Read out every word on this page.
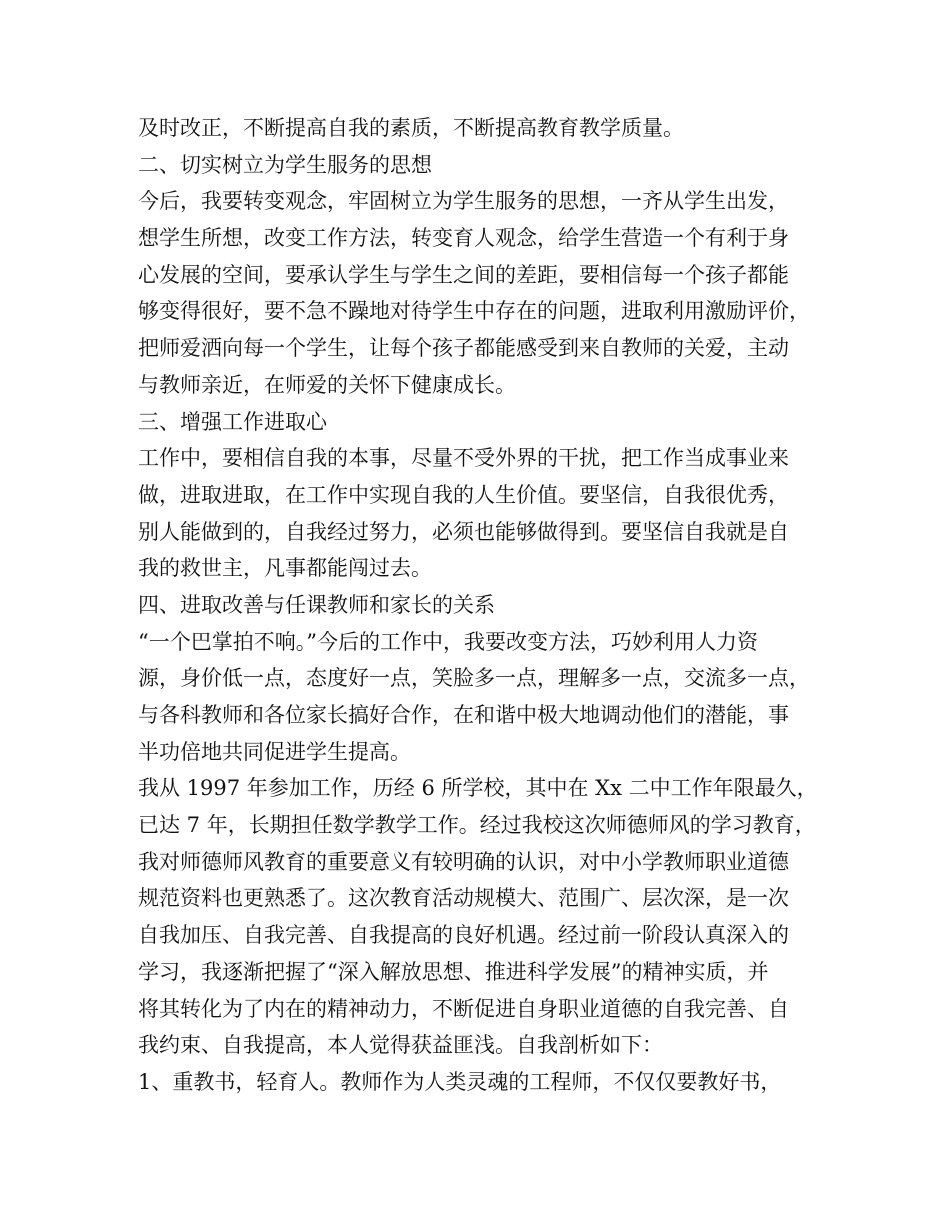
及时改正，不断提高自我的素质，不断提高教育教学质量。
二、切实树立为学生服务的思想
今后，我要转变观念，牢固树立为学生服务的思想，一齐从学生出发，
想学生所想，改变工作方法，转变育人观念，给学生营造一个有利于身
心发展的空间，要承认学生与学生之间的差距，要相信每一个孩子都能
够变得很好，要不急不躁地对待学生中存在的问题，进取利用激励评价，
把师爱洒向每一个学生，让每个孩子都能感受到来自教师的关爱，主动
与教师亲近，在师爱的关怀下健康成长。
三、增强工作进取心
工作中，要相信自我的本事，尽量不受外界的干扰，把工作当成事业来
做，进取进取，在工作中实现自我的人生价值。要坚信，自我很优秀，
别人能做到的，自我经过努力，必须也能够做得到。要坚信自我就是自
我的救世主，凡事都能闯过去。
四、进取改善与任课教师和家长的关系
“一个巴掌拍不响。”今后的工作中，我要改变方法，巧妙利用人力资
源，身价低一点，态度好一点，笑脸多一点，理解多一点，交流多一点，
与各科教师和各位家长搞好合作，在和谐中极大地调动他们的潜能，事
半功倍地共同促进学生提高。
我从 1997 年参加工作，历经 6 所学校，其中在 Xx 二中工作年限最久，
已达 7 年，长期担任数学教学工作。经过我校这次师德师风的学习教育，
我对师德师风教育的重要意义有较明确的认识，对中小学教师职业道德
规范资料也更熟悉了。这次教育活动规模大、范围广、层次深，是一次
自我加压、自我完善、自我提高的良好机遇。经过前一阶段认真深入的
学习，我逐渐把握了“深入解放思想、推进科学发展”的精神实质，并
将其转化为了内在的精神动力，不断促进自身职业道德的自我完善、自
我约束、自我提高，本人觉得获益匪浅。自我剖析如下：
1、重教书，轻育人。教师作为人类灵魂的工程师，不仅仅要教好书，
